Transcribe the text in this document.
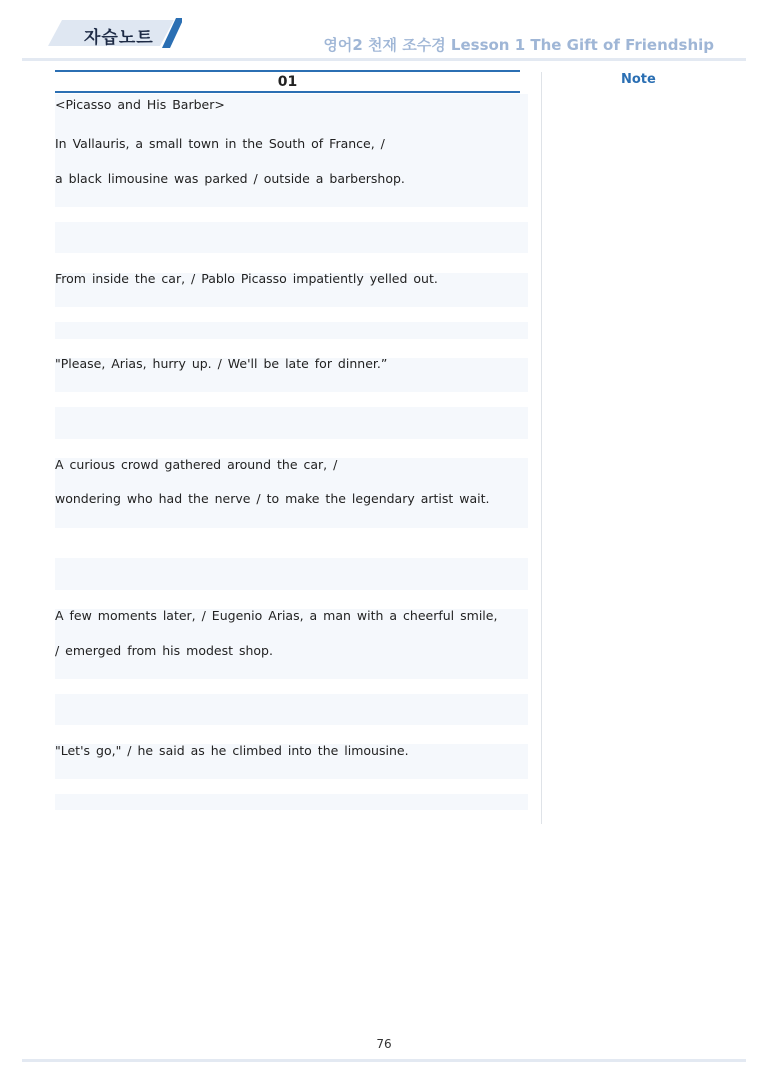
자습노트	영어2 천재 조수경 Lesson 1 The Gift of Friendship
01
<Picasso and His Barber>
In Vallauris, a small town in the South of France, /
a black limousine was parked / outside a barbershop.
From inside the car, / Pablo Picasso impatiently yelled out.
"Please, Arias, hurry up. / We'll be late for dinner.”
A curious crowd gathered around the car, /
wondering who had the nerve / to make the legendary artist wait.
A few moments later, / Eugenio Arias, a man with a cheerful smile,
/ emerged from his modest shop.
"Let's go," / he said as he climbed into the limousine.
Note
76
